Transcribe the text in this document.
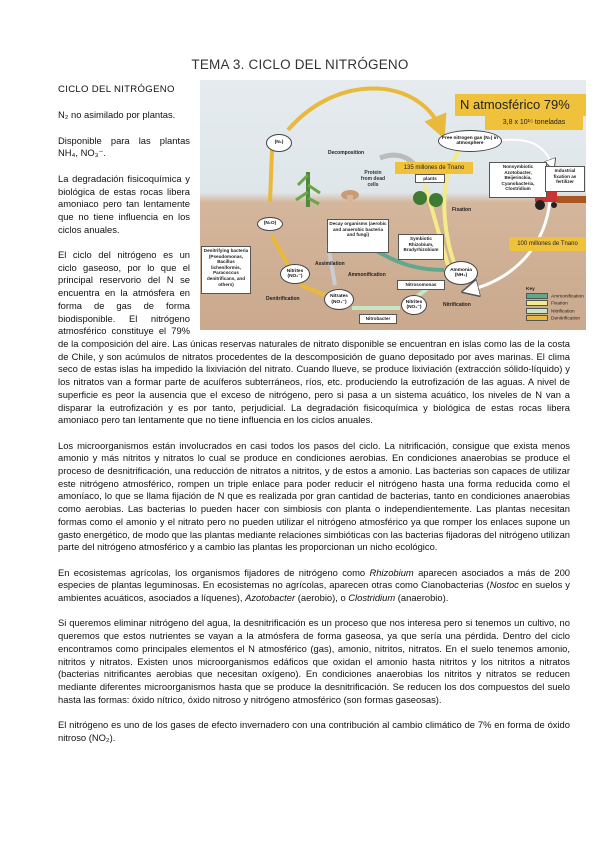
TEMA 3. CICLO DEL NITRÓGENO
N atmosférico 79%
3,8 x 10¹⁵ toneladas
Free nitrogen gas (N₂) in atmosphere
(N₂)
Decomposition
Protein from dead cells
135 millones de Tnano
plants
Nonsymbiotic Azotobacter, Beijerinckia, Cyanobacteria, Clostridium
Industrial fixation as fertilizer
Fixation
(N₂O)	Decay organisms (aerobic and anaerobic bacteria and fungi)
Symbiotic Rhizobium, Bradyrhizobium
Denitrifying bacteria (Pseudomonas, Bacillus licheniformis, Paracoccus denitrificans, and others)
Nitrites (NO₂⁻)
Assimilation
Ammonification
Ammonia (NH₃)
100 millones de Tnano
Nitrosomonas
Denitrification	Nitrates (NO₃⁻)	Nitrites (NO₂⁻)	Nitrification
Nitrobacter
Key
Ammonification
Fixation
Nitrification
Denitrification
CICLO DEL NITRÓGENO

N₂ no asimilado por plantas.

Disponible para las plantas NH₄, NO₃⁻.

La degradación fisicoquímica y biológica de estas rocas libera amoniaco pero tan lentamente que no tiene influencia en los ciclos anuales.

El ciclo del nitrógeno es un ciclo gaseoso, por lo que el principal reservorio del N se encuentra en la atmósfera en forma de gas de forma biodisponible. El nitrógeno atmosférico constituye el 79% de la composición del aire. Las únicas reservas naturales de nitrato disponible se encuentran en islas como las de la costa de Chile, y son acúmulos de nitratos procedentes de la descomposición de guano depositado por aves marinas. El clima seco de estas islas ha impedido la lixiviación del nitrato. Cuando llueve, se produce lixiviación (extracción sólido-líquido) y los nitratos van a formar parte de acuíferos subterráneos, ríos, etc. produciendo la eutrofización de las aguas. A nivel de superficie es peor la ausencia que el exceso de nitrógeno, pero si pasa a un sistema acuático, los niveles de N van a disparar la eutrofización y es por tanto, perjudicial. La degradación fisicoquímica y biológica de estas rocas libera amoniaco pero tan lentamente que no tiene influencia en los ciclos anuales.

Los microorganismos están involucrados en casi todos los pasos del ciclo. La nitrificación, consigue que exista menos amonio y más nitritos y nitratos lo cual se produce en condiciones aerobias. En condiciones anaerobias se produce el proceso de desnitrificación, una reducción de nitratos a nitritos, y de estos a amonio. Las bacterias son capaces de utilizar este nitrógeno atmosférico, rompen un triple enlace para poder reducir el nitrógeno hasta una forma reducida como el amoníaco, lo que se llama fijación de N que es realizada por gran cantidad de bacterias, tanto en condiciones anaerobias como aerobias. Las bacterias lo pueden hacer con simbiosis con planta o independientemente. Las plantas necesitan formas como el amonio y el nitrato pero no pueden utilizar el nitrógeno atmosférico ya que romper los enlaces supone un gasto energético, de modo que las plantas mediante relaciones simbióticas con las bacterias fijadoras del nitrógeno utilizan parte del nitrógeno atmosférico y a cambio las plantas les proporcionan un nicho ecológico.

En ecosistemas agrícolas, los organismos fijadores de nitrógeno como Rhizobium aparecen asociados a más de 200 especies de plantas leguminosas. En ecosistemas no agrícolas, aparecen otras como Cianobacterias (Nostoc en suelos y ambientes acuáticos, asociados a líquenes), Azotobacter (aerobio), o Clostridium (anaerobio).

Si queremos eliminar nitrógeno del agua, la desnitrificación es un proceso que nos interesa pero si tenemos un cultivo, no queremos que estos nutrientes se vayan a la atmósfera de forma gaseosa, ya que sería una pérdida. Dentro del ciclo encontramos como principales elementos el N atmosférico (gas), amonio, nitritos, nitratos. En el suelo tenemos amonio, nitritos y nitratos. Existen unos microorganismos edáficos que oxidan el amonio hasta nitritos y los nitritos a nitratos (bacterias nitrificantes aerobias que necesitan oxígeno). En condiciones anaerobias los nitritos y nitratos se reducen mediante diferentes microorganismos hasta que se produce la desnitrificación. Se reducen los dos compuestos del suelo hasta las formas: óxido nítrico, óxido nitroso y nitrógeno atmosférico (son formas gaseosas).

El nitrógeno es uno de los gases de efecto invernadero con una contribución al cambio climático de 7% en forma de óxido nitroso (NO₂).
